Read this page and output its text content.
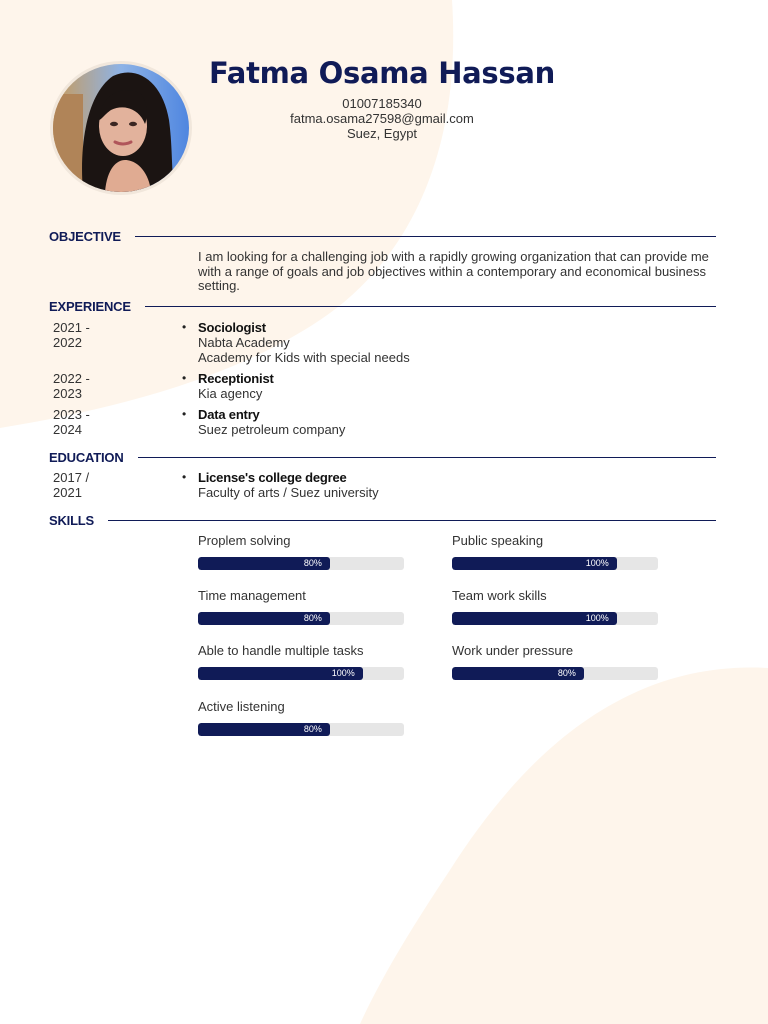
Fatma Osama Hassan
01007185340
fatma.osama27598@gmail.com
Suez, Egypt
OBJECTIVE
I am looking for a challenging job with a rapidly growing organization that can provide me with a range of goals and job objectives within a contemporary and economical business setting.
EXPERIENCE
2021 -
2022
• Sociologist
Nabta Academy
Academy for Kids with special needs
2022 -
2023
• Receptionist
Kia agency
2023 -
2024
• Data entry
Suez petroleum company
EDUCATION
2017 /
2021
• License's college degree
Faculty of arts / Suez university
SKILLS
Proplem solving
80%
Public speaking
100%
Time management
80%
Team work skills
100%
Able to handle multiple tasks
100%
Work under pressure
80%
Active listening
80%
